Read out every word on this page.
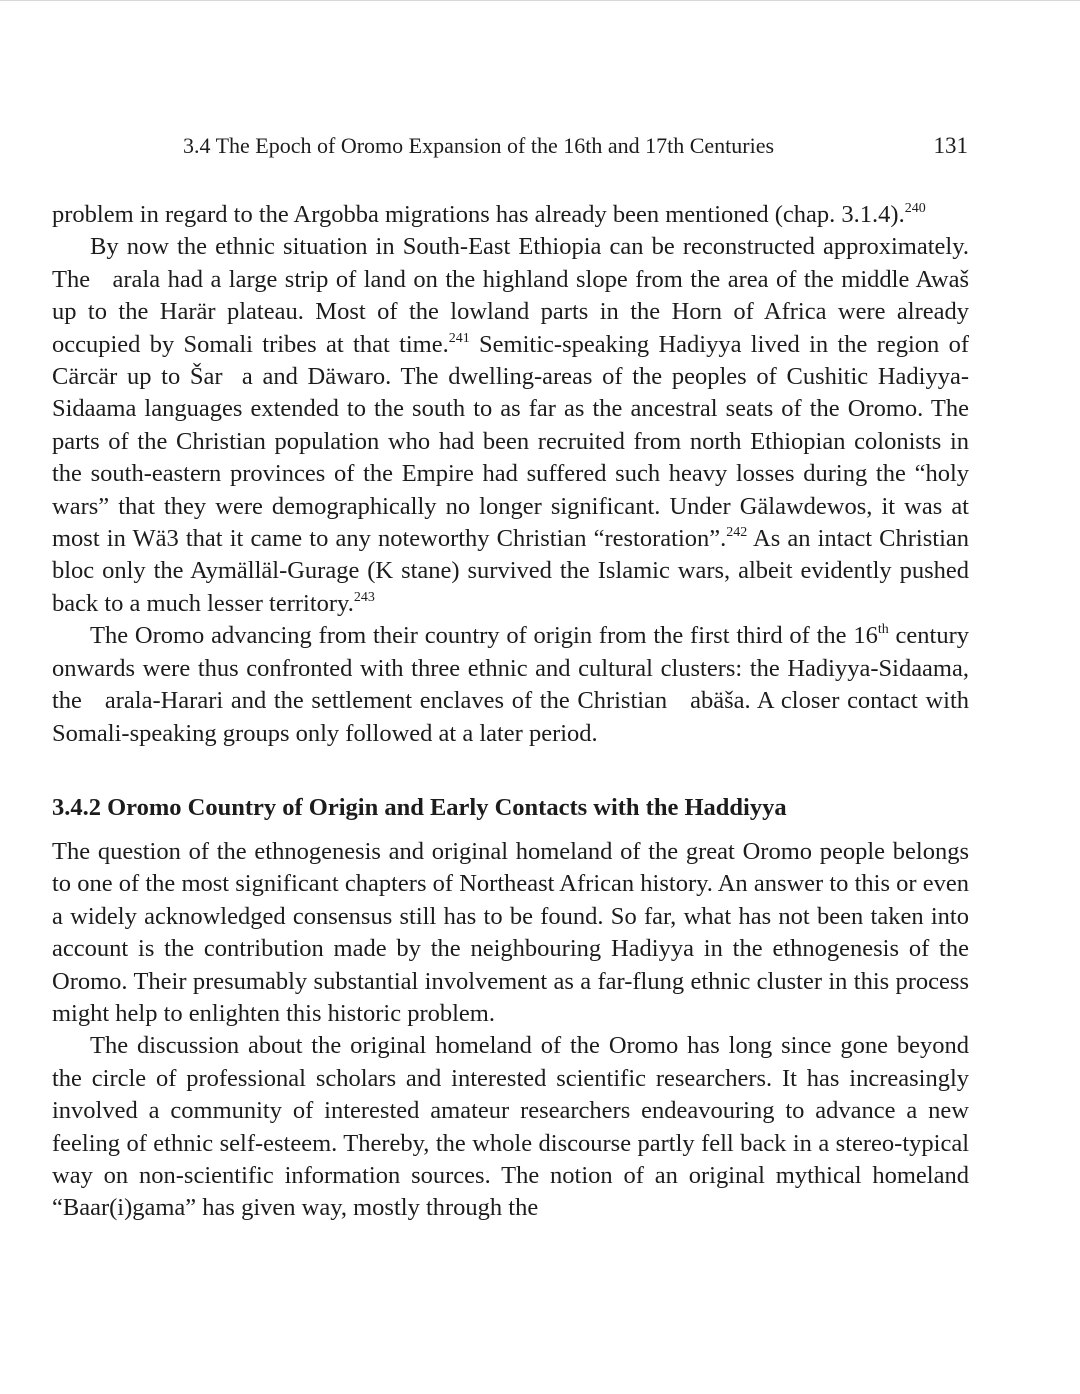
3.4 The Epoch of Oromo Expansion of the 16th and 17th Centuries	131

problem in regard to the Argobba migrations has already been mentioned (chap. 3.1.4).$^{240}$

By now the ethnic situation in South-East Ethiopia can be reconstructed approximately. The   arala had a large strip of land on the highland slope from the area of the middle Awaš up to the Harär plateau. Most of the lowland parts in the Horn of Africa were already occupied by Somali tribes at that time.$^{241}$ Semitic-speaking Hadiyya lived in the region of Cärcär up to Šar  a and Däwaro. The dwelling-areas of the peoples of Cushitic Hadiyya-Sidaama languages extended to the south to as far as the ancestral seats of the Oromo. The parts of the Christian population who had been recruited from north Ethiopian colonists in the south-eastern provinces of the Empire had suffered such heavy losses during the “holy wars” that they were demographically no longer significant. Under Gälawdewos, it was at most in Wä3 that it came to any noteworthy Christian “restoration”.$^{242}$ As an intact Christian bloc only the Aymälläl-Gurage (K stane) survived the Islamic wars, albeit evidently pushed back to a much lesser territory.$^{243}$

The Oromo advancing from their country of origin from the first third of the 16th century onwards were thus confronted with three ethnic and cultural clusters: the Hadiyya-Sidaama, the   arala-Harari and the settlement enclaves of the Christian   abäša. A closer contact with Somali-speaking groups only followed at a later period.

3.4.2 Oromo Country of Origin and Early Contacts with the Haddiyya

The question of the ethnogenesis and original homeland of the great Oromo people belongs to one of the most significant chapters of Northeast African history. An answer to this or even a widely acknowledged consensus still has to be found. So far, what has not been taken into account is the contribution made by the neighbouring Hadiyya in the ethnogenesis of the Oromo. Their presumably substantial involvement as a far-flung ethnic cluster in this process might help to enlighten this historic problem.

The discussion about the original homeland of the Oromo has long since gone beyond the circle of professional scholars and interested scientific researchers. It has increasingly involved a community of interested amateur researchers endeavouring to advance a new feeling of ethnic self-esteem. Thereby, the whole discourse partly fell back in a stereo-typical way on non-scientific information sources. The notion of an original mythical homeland “Baar(i)gama” has given way, mostly through the
